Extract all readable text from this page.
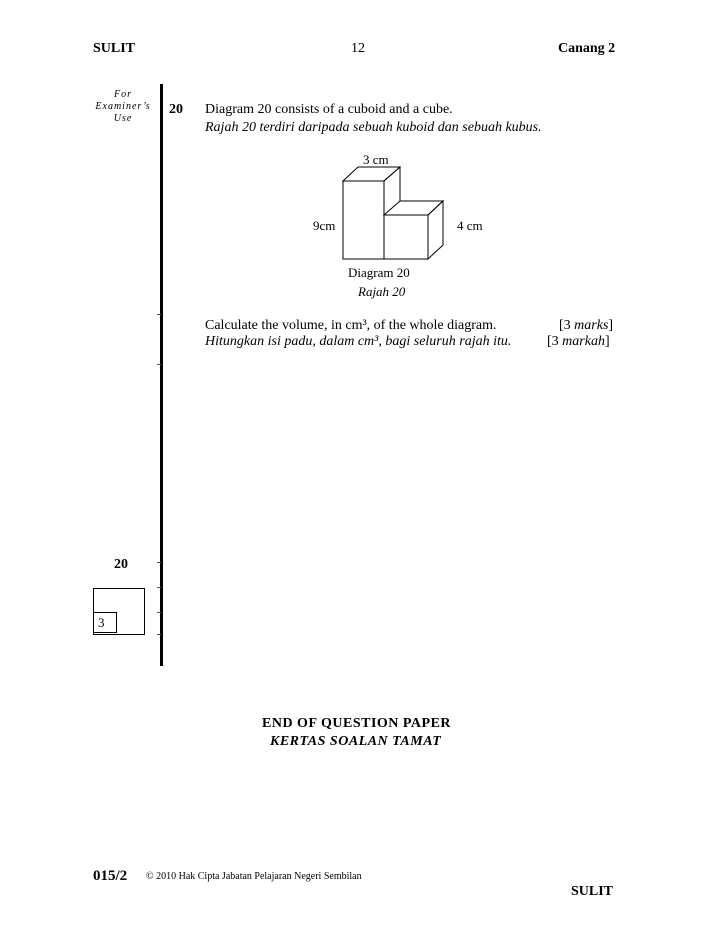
SULIT	12	Canang 2
For
Examiner’s
Use
20
3
20 Diagram 20 consists of a cuboid and a cube.
Rajah 20 terdiri daripada sebuah kuboid dan sebuah kubus.
3 cm
9cm	4 cm
Diagram 20
Rajah 20
Calculate the volume, in cm³, of the whole diagram.
Hitungkan isi padu, dalam cm³, bagi seluruh rajah itu.
[3 marks]
[3 markah]
END OF QUESTION PAPER
KERTAS SOALAN TAMAT
015/2 © 2010 Hak Cipta Jabatan Pelajaran Negeri Sembilan
SULIT
